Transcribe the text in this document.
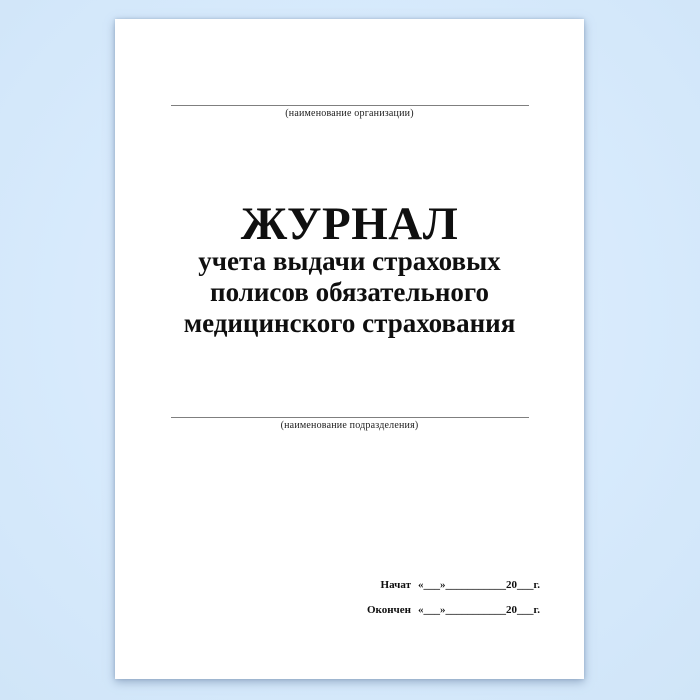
(наименование организации)
ЖУРНАЛ
учета выдачи страховых
полисов обязательного
медицинского страхования
(наименование подразделения)
Начат «___»___________20___г.
Окончен «___»___________20___г.
